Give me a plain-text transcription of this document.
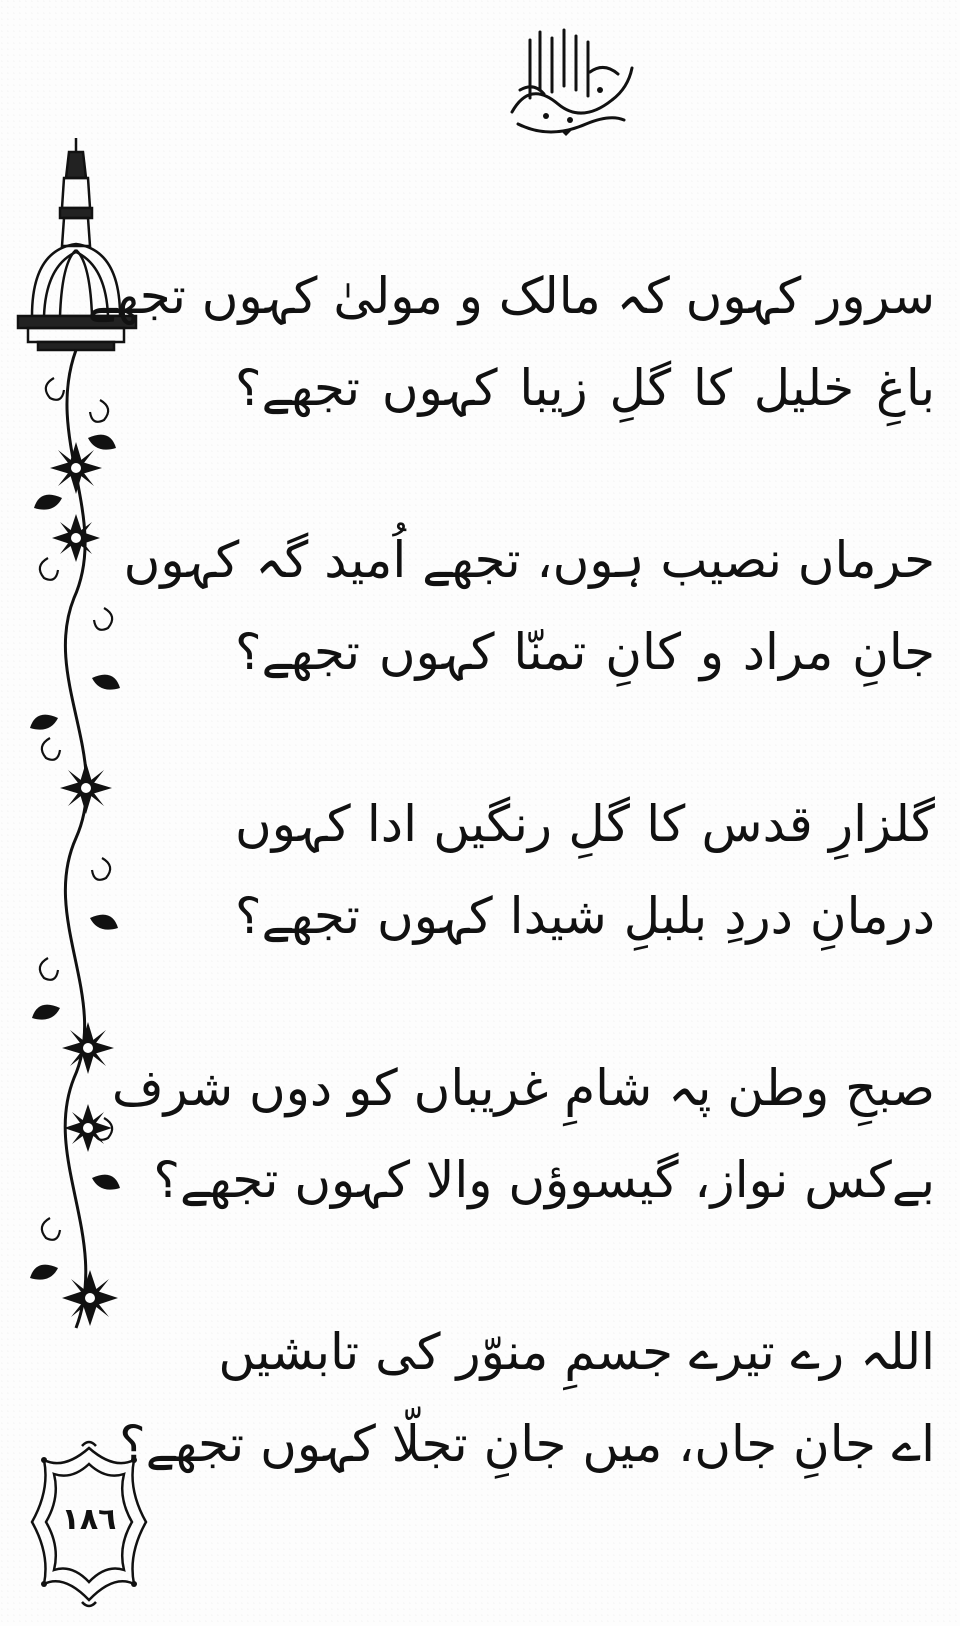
١٨٦
سرور کہوں کہ مالک و مولیٰ کہوں تجھے
باغِ خلیل کا گلِ زیبا کہوں تجھے؟
حرماں نصیب ہوں، تجھے اُمید گہ کہوں
جانِ مراد و کانِ تمنّا کہوں تجھے؟
گلزارِ قدس کا گلِ رنگیں ادا کہوں
درمانِ دردِ بلبلِ شیدا کہوں تجھے؟
صبحِ وطن پہ شامِ غریباں کو دوں شرف
بےکس نواز، گیسوؤں والا کہوں تجھے؟
اللہ رے تیرے جسمِ منوّر کی تابشیں
اے جانِ جاں، میں جانِ تجلّا کہوں تجھے؟
